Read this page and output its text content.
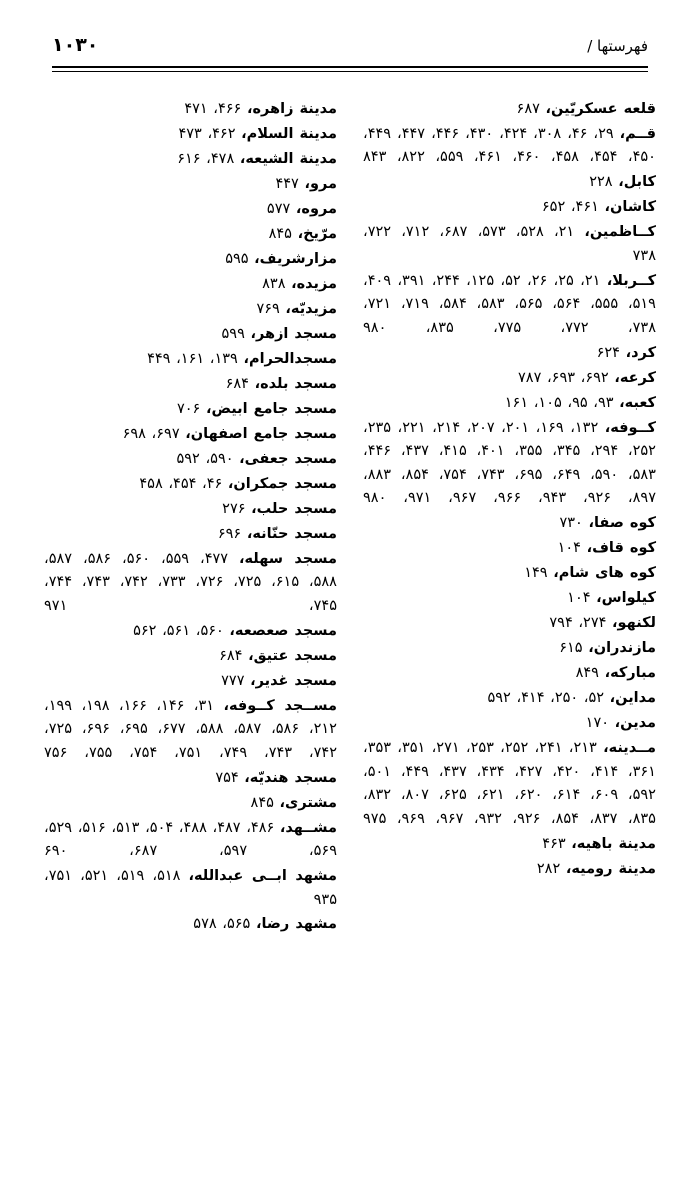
۱۰۳۰	فهرستها /
قلعه عسکریّین، ۶۸۷
قــم، ۲۹، ۴۶، ۳۰۸، ۴۲۴، ۴۳۰، ۴۴۶، ۴۴۷، ۴۴۹، ۴۵۰، ۴۵۴، ۴۵۸، ۴۶۰، ۴۶۱، ۵۵۹، ۸۲۲، ۸۴۳
کابل، ۲۲۸
کاشان، ۴۶۱، ۶۵۲
کــاظمین، ۲۱، ۵۲۸، ۵۷۳، ۶۸۷، ۷۱۲، ۷۲۲، ۷۳۸
کــربلا، ۲۱، ۲۵، ۲۶، ۵۲، ۱۲۵، ۲۴۴، ۳۹۱، ۴۰۹، ۵۱۹، ۵۵۵، ۵۶۴، ۵۶۵، ۵۸۳، ۵۸۴، ۷۱۹، ۷۲۱، ۷۳۸، ۷۷۲، ۷۷۵، ۸۳۵، ۹۸۰
کرد، ۶۲۴
کرعه، ۶۹۲، ۶۹۳، ۷۸۷
کعبه، ۹۳، ۹۵، ۱۰۵، ۱۶۱
کــوفه، ۱۳۲، ۱۶۹، ۲۰۱، ۲۰۷، ۲۱۴، ۲۲۱، ۲۳۵، ۲۵۲، ۲۹۴، ۳۴۵، ۳۵۵، ۴۰۱، ۴۱۵، ۴۳۷، ۴۴۶، ۵۸۳، ۵۹۰، ۶۴۹، ۶۹۵، ۷۴۳، ۷۵۴، ۸۵۴، ۸۸۳، ۸۹۷، ۹۲۶، ۹۴۳، ۹۶۶، ۹۶۷، ۹۷۱، ۹۸۰
کوه صفا، ۷۳۰
کوه قاف، ۱۰۴
کوه های شام، ۱۴۹
کیلواس، ۱۰۴
لکنهو، ۲۷۴، ۷۹۴
مازندران، ۶۱۵
مبارکه، ۸۴۹
مداین، ۵۲، ۲۵۰، ۴۱۴، ۵۹۲
مدین، ۱۷۰
مــدینه، ۲۱۳، ۲۴۱، ۲۵۲، ۲۵۳، ۲۷۱، ۳۵۱، ۳۵۳، ۳۶۱، ۴۱۴، ۴۲۰، ۴۲۷، ۴۳۴، ۴۳۷، ۴۴۹، ۵۰۱، ۵۹۲، ۶۰۹، ۶۱۴، ۶۲۰، ۶۲۱، ۶۲۵، ۸۰۷، ۸۳۲، ۸۳۵، ۸۳۷، ۸۵۴، ۹۲۶، ۹۳۲، ۹۶۷، ۹۶۹، ۹۷۵
مدینة باهیه، ۴۶۳
مدینة رومیه، ۲۸۲
مدینة زاهره، ۴۶۶، ۴۷۱
مدینة السلام، ۴۶۲، ۴۷۳
مدینة الشیعه، ۴۷۸، ۶۱۶
مرو، ۴۴۷
مروه، ۵۷۷
مرّیخ، ۸۴۵
مزارشریف، ۵۹۵
مزیده، ۸۳۸
مزیدیّه، ۷۶۹
مسجد ازهر، ۵۹۹
مسجدالحرام، ۱۳۹، ۱۶۱، ۴۴۹
مسجد بلده، ۶۸۴
مسجد جامع ابیض، ۷۰۶
مسجد جامع اصفهان، ۶۹۷، ۶۹۸
مسجد جعفی، ۵۹۰، ۵۹۲
مسجد جمکران، ۴۶، ۴۵۴، ۴۵۸
مسجد حلب، ۲۷۶
مسجد حنّانه، ۶۹۶
مسجد سهله، ۴۷۷، ۵۵۹، ۵۶۰، ۵۸۶، ۵۸۷، ۵۸۸، ۶۱۵، ۷۲۵، ۷۲۶، ۷۳۳، ۷۴۲، ۷۴۳، ۷۴۴، ۷۴۵، ۹۷۱
مسجد صعصعه، ۵۶۰، ۵۶۱، ۵۶۲
مسجد عتیق، ۶۸۴
مسجد غدیر، ۷۷۷
مســجد کــوفه، ۳۱، ۱۴۶، ۱۶۶، ۱۹۸، ۱۹۹، ۲۱۲، ۵۸۶، ۵۸۷، ۵۸۸، ۶۷۷، ۶۹۵، ۶۹۶، ۷۲۵، ۷۴۲، ۷۴۳، ۷۴۹، ۷۵۱، ۷۵۴، ۷۵۵، ۷۵۶
مسجد هندیّه، ۷۵۴
مشتری، ۸۴۵
مشــهد، ۴۸۶، ۴۸۷، ۴۸۸، ۵۰۴، ۵۱۳، ۵۱۶، ۵۲۹، ۵۶۹، ۵۹۷، ۶۸۷، ۶۹۰
مشهد ابــی عبدالله، ۵۱۸، ۵۱۹، ۵۲۱، ۷۵۱، ۹۳۵
مشهد رضا، ۵۶۵، ۵۷۸
